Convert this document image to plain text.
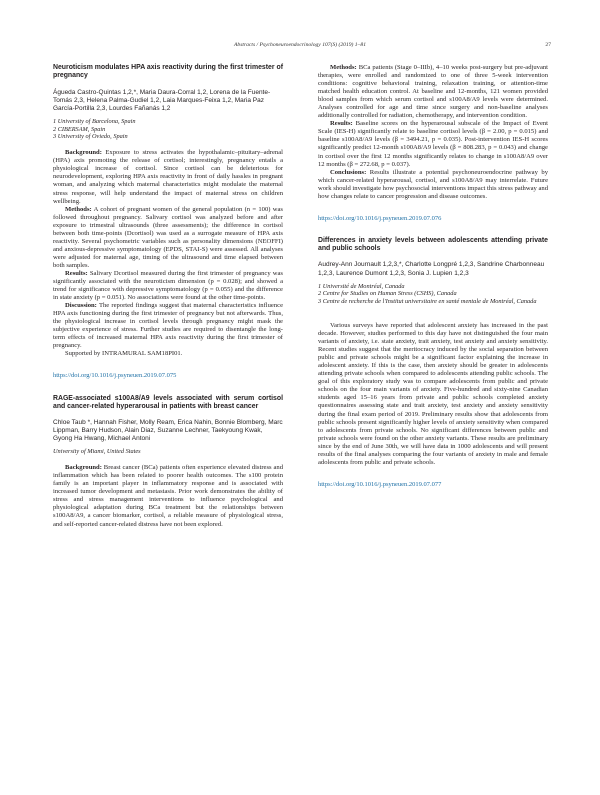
Abstracts / Psychoneuroendocrinology 107(S) (2019) 1–81	27
Neuroticism modulates HPA axis reactivity during the first trimester of pregnancy
Águeda Castro-Quintas 1,2,*, Maria Daura-Corral 1,2, Lorena de la Fuente-Tomás 2,3, Helena Palma-Gudiel 1,2, Laia Marques-Feixa 1,2, Maria Paz García-Portilla 2,3, Lourdes Fañanás 1,2
1 University of Barcelona, Spain
2 CIBERSAM, Spain
3 University of Oviedo, Spain

Background: Exposure to stress activates the hypothalamic–pituitary–adrenal (HPA) axis promoting the release of cortisol; interestingly, pregnancy entails a physiological increase of cortisol. Since cortisol can be deleterious for neurodevelopment, exploring HPA axis reactivity in front of daily hassles in pregnant woman, and analyzing which maternal characteristics might modulate the maternal stress response, will help understand the impact of maternal stress on children wellbeing.

Methods: A cohort of pregnant women of the general population (n = 100) was followed throughout pregnancy. Salivary cortisol was analyzed before and after exposure to trimestral ultrasounds (three assessments); the difference in cortisol between both time-points (Dcortisol) was used as a surrogate measure of HPA axis reactivity. Several psychometric variables such as personality dimensions (NEOFFI) and anxious-depressive symptomatology (EPDS, STAI-S) were assessed. All analyses were adjusted for maternal age, timing of the ultrasound and time elapsed between both samples.

Results: Salivary Dcortisol measured during the first trimester of pregnancy was significantly associated with the neuroticism dimension (p = 0.028); and showed a trend for significance with depressive symptomatology (p = 0.055) and the difference in state anxiety (p = 0.051). No associations were found at the other time-points.

Discussion: The reported findings suggest that maternal characteristics influence HPA axis functioning during the first trimester of pregnancy but not afterwards. Thus, the physiological increase in cortisol levels through pregnancy might mask the subjective experience of stress. Further studies are required to disentangle the long-term effects of increased maternal HPA axis reactivity during the first trimester of pregnancy.

Supported by INTRAMURAL SAM18PI01.

https://doi.org/10.1016/j.psyneuen.2019.07.075
RAGE-associated s100A8/A9 levels associated with serum cortisol and cancer-related hyperarousal in patients with breast cancer
Chloe Taub *, Hannah Fisher, Molly Ream, Erica Nahin, Bonnie Blomberg, Marc Lippman, Barry Hudson, Alain Diaz, Suzanne Lechner, Taekyoung Kwak, Gyong Ha Hwang, Michael Antoni
University of Miami, United States

Background: Breast cancer (BCa) patients often experience elevated distress and inflammation which has been related to poorer health outcomes. The s100 protein family is an important player in inflammatory response and is associated with increased tumor development and metastasis. Prior work demonstrates the ability of stress and stress management interventions to influence psychological and physiological adaptation during BCa treatment but the relationships between s100A8/A9, a cancer biomarker, cortisol, a reliable measure of physiological stress, and self-reported cancer-related distress have not been explored.

Methods: BCa patients (Stage 0–IIIb), 4–10 weeks post-surgery but pre-adjuvant therapies, were enrolled and randomized to one of three 5-week intervention conditions: cognitive behavioral training, relaxation training, or attention-time matched health education control. At baseline and 12-months, 121 women provided blood samples from which serum cortisol and s100A8/A9 levels were determined. Analyses controlled for age and time since surgery and non-baseline analyses additionally controlled for radiation, chemotherapy, and intervention condition.

Results: Baseline scores on the hyperarousal subscale of the Impact of Event Scale (IES-H) significantly relate to baseline cortisol levels (β = 2.00, p = 0.015) and baseline s100A8/A9 levels (β = 3494.21, p = 0.035). Post-intervention IES-H scores significantly predict 12-month s100A8/A9 levels (β = 808.283, p = 0.043) and change in cortisol over the first 12 months significantly relates to change in s100A8/A9 over 12 months (β = 272.68, p = 0.037).

Conclusions: Results illustrate a potential psychoneuroendocrine pathway by which cancer-related hyperarousal, cortisol, and s100A8/A9 may interrelate. Future work should investigate how psychosocial interventions impact this stress pathway and how changes relate to cancer progression and disease outcomes.

https://doi.org/10.1016/j.psyneuen.2019.07.076
Differences in anxiety levels between adolescents attending private and public schools
Audrey-Ann Journault 1,2,3,*, Charlotte Longpré 1,2,3, Sandrine Charbonneau 1,2,3, Laurence Dumont 1,2,3, Sonia J. Lupien 1,2,3
1 Université de Montréal, Canada
2 Centre for Studies on Human Stress (CSHS), Canada
3 Centre de recherche de l'Institut universitaire en santé mentale de Montréal, Canada

Various surveys have reported that adolescent anxiety has increased in the past decade. However, studies performed to this day have not distinguished the four main variants of anxiety, i.e. state anxiety, trait anxiety, test anxiety and anxiety sensitivity. Recent studies suggest that the meritocracy induced by the social separation between public and private schools might be a significant factor explaining the increase in adolescent anxiety. If this is the case, then anxiety should be greater in adolescents attending private schools when compared to adolescents attending public schools. The goal of this exploratory study was to compare adolescents from public and private schools on the four main variants of anxiety. Five-hundred and sixty-nine Canadian students aged 15–16 years from private and public schools completed anxiety questionnaires assessing state and trait anxiety, test anxiety and anxiety sensitivity during the final exam period of 2019. Preliminary results show that adolescents from public schools present significantly higher levels of anxiety sensitivity when compared to adolescents from private schools. No significant differences between public and private schools were found on the other anxiety variants. These results are preliminary since by the end of June 30th, we will have data in 1000 adolescents and will present results of the final analyses comparing the four variants of anxiety in male and female adolescents from public and private schools.

https://doi.org/10.1016/j.psyneuen.2019.07.077
